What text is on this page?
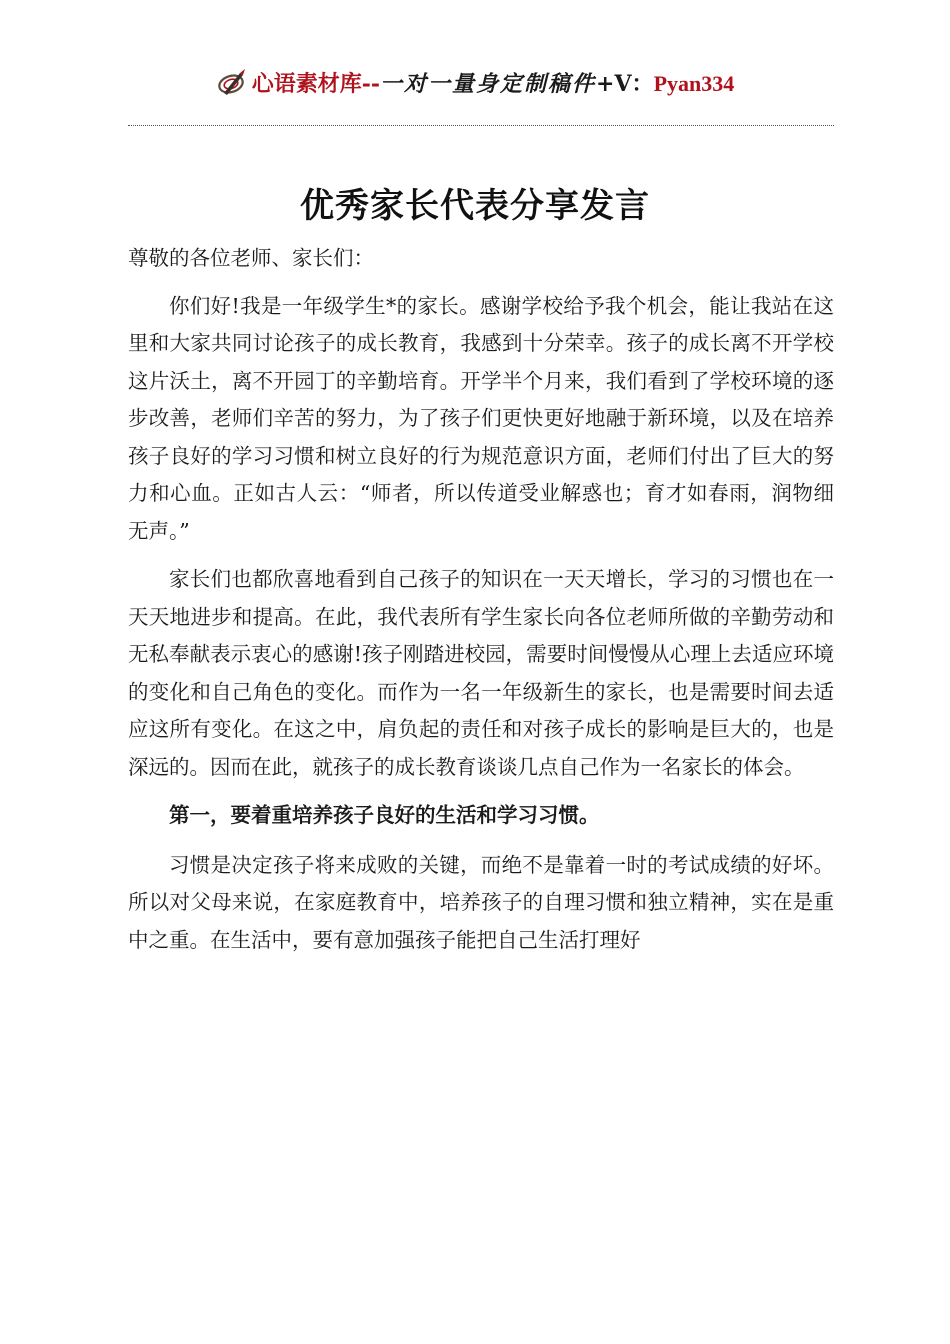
心语素材库--一对一量身定制稿件+V：Pyan334
优秀家长代表分享发言

尊敬的各位老师、家长们：

你们好!我是一年级学生*的家长。感谢学校给予我个机会，能让我站在这里和大家共同讨论孩子的成长教育，我感到十分荣幸。孩子的成长离不开学校这片沃土，离不开园丁的辛勤培育。开学半个月来，我们看到了学校环境的逐步改善，老师们辛苦的努力，为了孩子们更快更好地融于新环境，以及在培养孩子良好的学习习惯和树立良好的行为规范意识方面，老师们付出了巨大的努力和心血。正如古人云：“师者，所以传道受业解惑也；育才如春雨，润物细无声。”

家长们也都欣喜地看到自己孩子的知识在一天天增长，学习的习惯也在一天天地进步和提高。在此，我代表所有学生家长向各位老师所做的辛勤劳动和无私奉献表示衷心的感谢!孩子刚踏进校园，需要时间慢慢从心理上去适应环境的变化和自己角色的变化。而作为一名一年级新生的家长，也是需要时间去适应这所有变化。在这之中，肩负起的责任和对孩子成长的影响是巨大的，也是深远的。因而在此，就孩子的成长教育谈谈几点自己作为一名家长的体会。

第一，要着重培养孩子良好的生活和学习习惯。

习惯是决定孩子将来成败的关键，而绝不是靠着一时的考试成绩的好坏。所以对父母来说，在家庭教育中，培养孩子的自理习惯和独立精神，实在是重中之重。在生活中，要有意加强孩子能把自己生活打理好
